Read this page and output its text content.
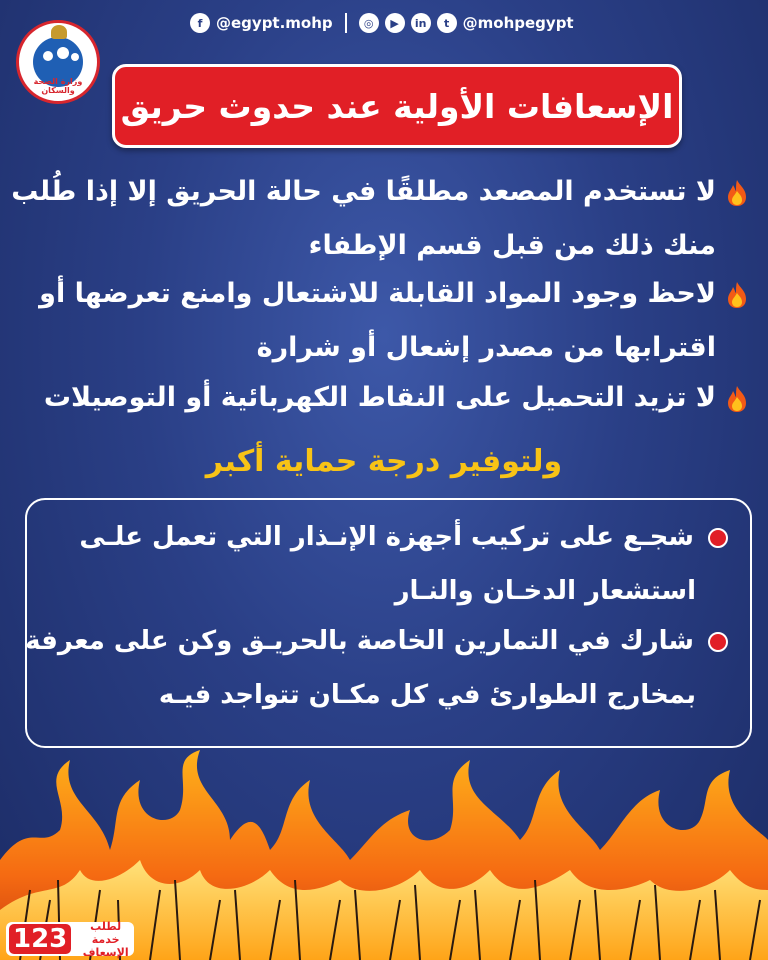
وزارة الصحة والسكان	الإسعافات الأولية عند حدوث حريق
لا تستخدم المصعد مطلقًا في حالة الحريق إلا إذا طُلب
منك ذلك من قبل قسم الإطفاء
لاحظ وجود المواد القابلة للاشتعال وامنع تعرضها أو
اقترابها من مصدر إشعال أو شرارة
لا تزيد التحميل على النقاط الكهربائية أو التوصيلات
ولتوفير درجة حماية أكبر
شجـع على تركيب أجهزة الإنـذار التي تعمل علـى
استشعار الدخـان والنـار
شارك في التمارين الخاصة بالحريـق وكن على معرفة
بمخارج الطوارئ في كل مكـان تتواجد فيـه
123	لطلب خدمة
الإسعاف
f @egypt.mohp	◎	▶	in	t @mohpegypt
